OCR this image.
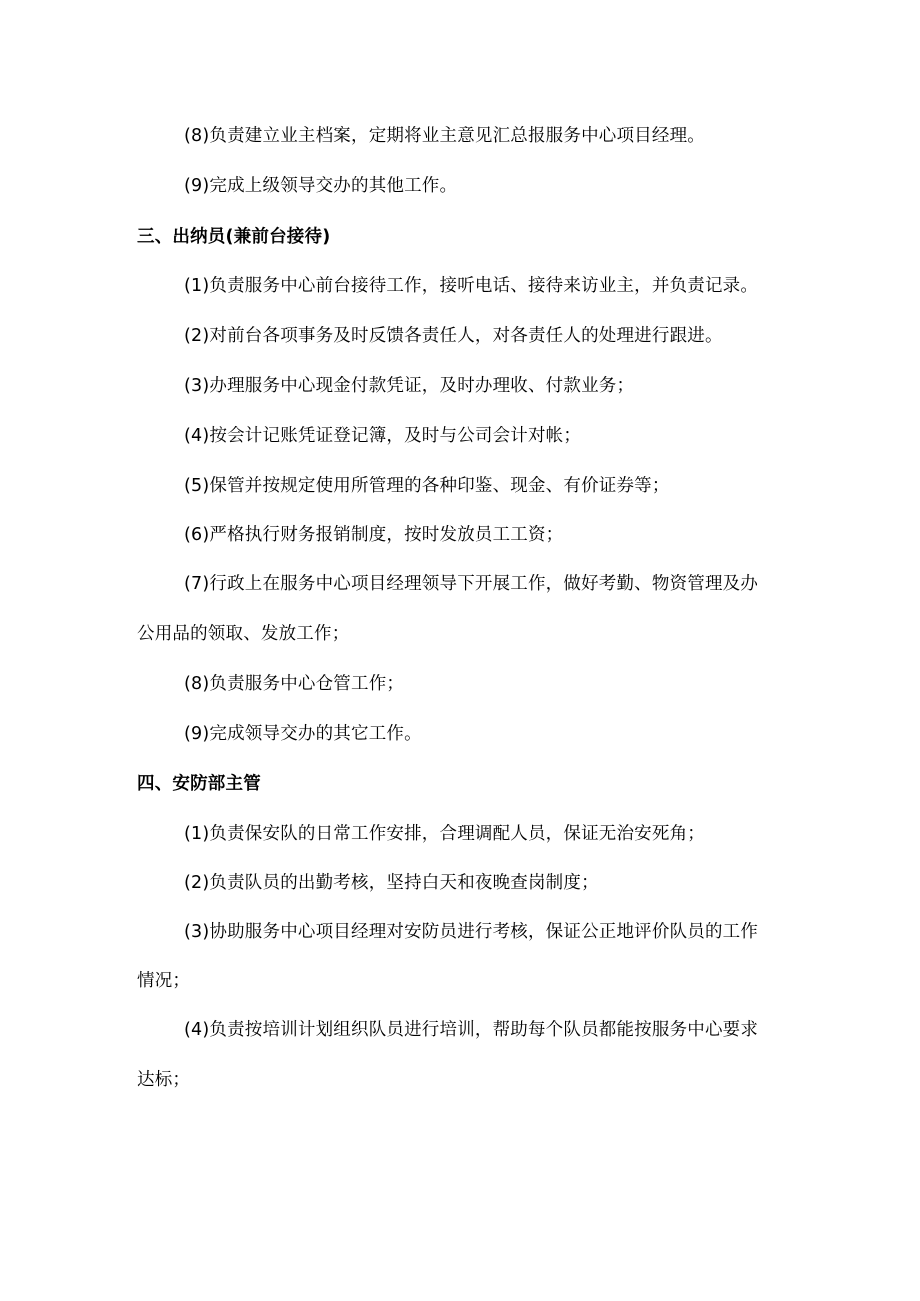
(8)负责建立业主档案，定期将业主意见汇总报服务中心项目经理。
(9)完成上级领导交办的其他工作。
三、出纳员(兼前台接待)
(1)负责服务中心前台接待工作，接听电话、接待来访业主，并负责记录。
(2)对前台各项事务及时反馈各责任人，对各责任人的处理进行跟进。
(3)办理服务中心现金付款凭证，及时办理收、付款业务；
(4)按会计记账凭证登记簿，及时与公司会计对帐；
(5)保管并按规定使用所管理的各种印鉴、现金、有价证券等；
(6)严格执行财务报销制度，按时发放员工工资；
(7)行政上在服务中心项目经理领导下开展工作，做好考勤、物资管理及办
公用品的领取、发放工作；
(8)负责服务中心仓管工作；
(9)完成领导交办的其它工作。
四、安防部主管
(1)负责保安队的日常工作安排，合理调配人员，保证无治安死角；
(2)负责队员的出勤考核，坚持白天和夜晚查岗制度；
(3)协助服务中心项目经理对安防员进行考核，保证公正地评价队员的工作
情况；
(4)负责按培训计划组织队员进行培训，帮助每个队员都能按服务中心要求
达标；
